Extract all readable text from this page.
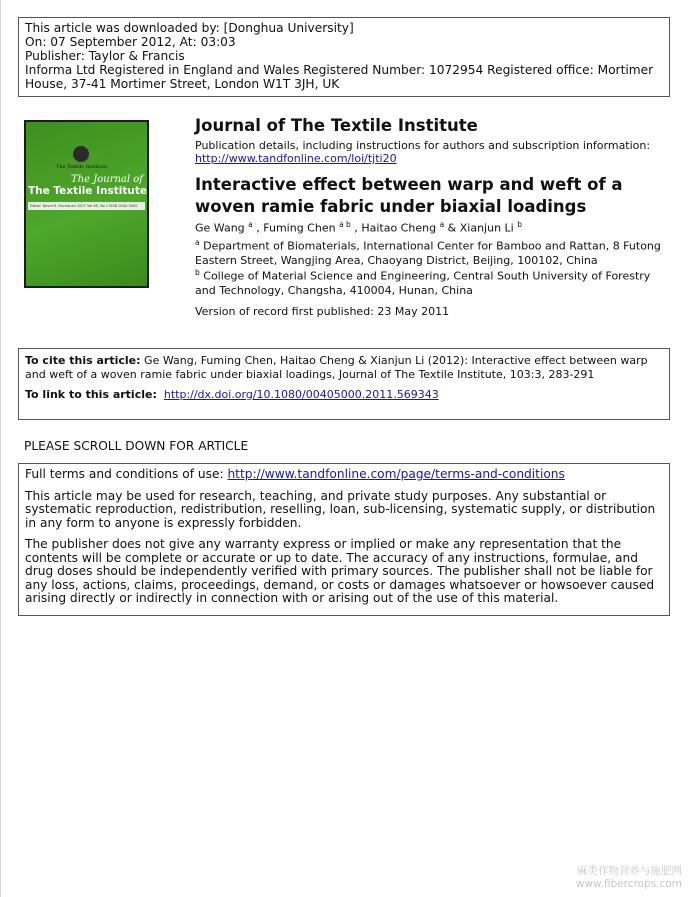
This article was downloaded by: [Donghua University]
On: 07 September 2012, At: 03:03
Publisher: Taylor & Francis
Informa Ltd Registered in England and Wales Registered Number: 1072954 Registered office: Mortimer House, 37-41 Mortimer Street, London W1T 3JH, UK
The Textile Institute
The Journal of
The Textile Institute
Editor: David R. Buchanan 2007 Vol 98, No 1 ISSN 0040-5000
Journal of The Textile Institute
Publication details, including instructions for authors and subscription information:
http://www.tandfonline.com/loi/tjti20
Interactive effect between warp and weft of a woven ramie fabric under biaxial loadings
Ge Wang $^a$ , Fuming Chen $^{a b}$ , Haitao Cheng $^a$ & Xianjun Li $^b$
$^a$ Department of Biomaterials, International Center for Bamboo and Rattan, 8 Futong Eastern Street, Wangjing Area, Chaoyang District, Beijing, 100102, China
$^b$ College of Material Science and Engineering, Central South University of Forestry and Technology, Changsha, 410004, Hunan, China
Version of record first published: 23 May 2011

To cite this article: Ge Wang, Fuming Chen, Haitao Cheng & Xianjun Li (2012): Interactive effect between warp and weft of a woven ramie fabric under biaxial loadings, Journal of The Textile Institute, 103:3, 283-291

To link to this article: http://dx.doi.org/10.1080/00405000.2011.569343

PLEASE SCROLL DOWN FOR ARTICLE

Full terms and conditions of use: http://www.tandfonline.com/page/terms-and-conditions

This article may be used for research, teaching, and private study purposes. Any substantial or systematic reproduction, redistribution, reselling, loan, sub-licensing, systematic supply, or distribution in any form to anyone is expressly forbidden.

The publisher does not give any warranty express or implied or make any representation that the contents will be complete or accurate or up to date. The accuracy of any instructions, formulae, and drug doses should be independently verified with primary sources. The publisher shall not be liable for any loss, actions, claims, proceedings, demand, or costs or damages whatsoever or howsoever caused arising directly or indirectly in connection with or arising out of the use of this material.

麻类作物营养与施肥网
www.fibercrops.com
